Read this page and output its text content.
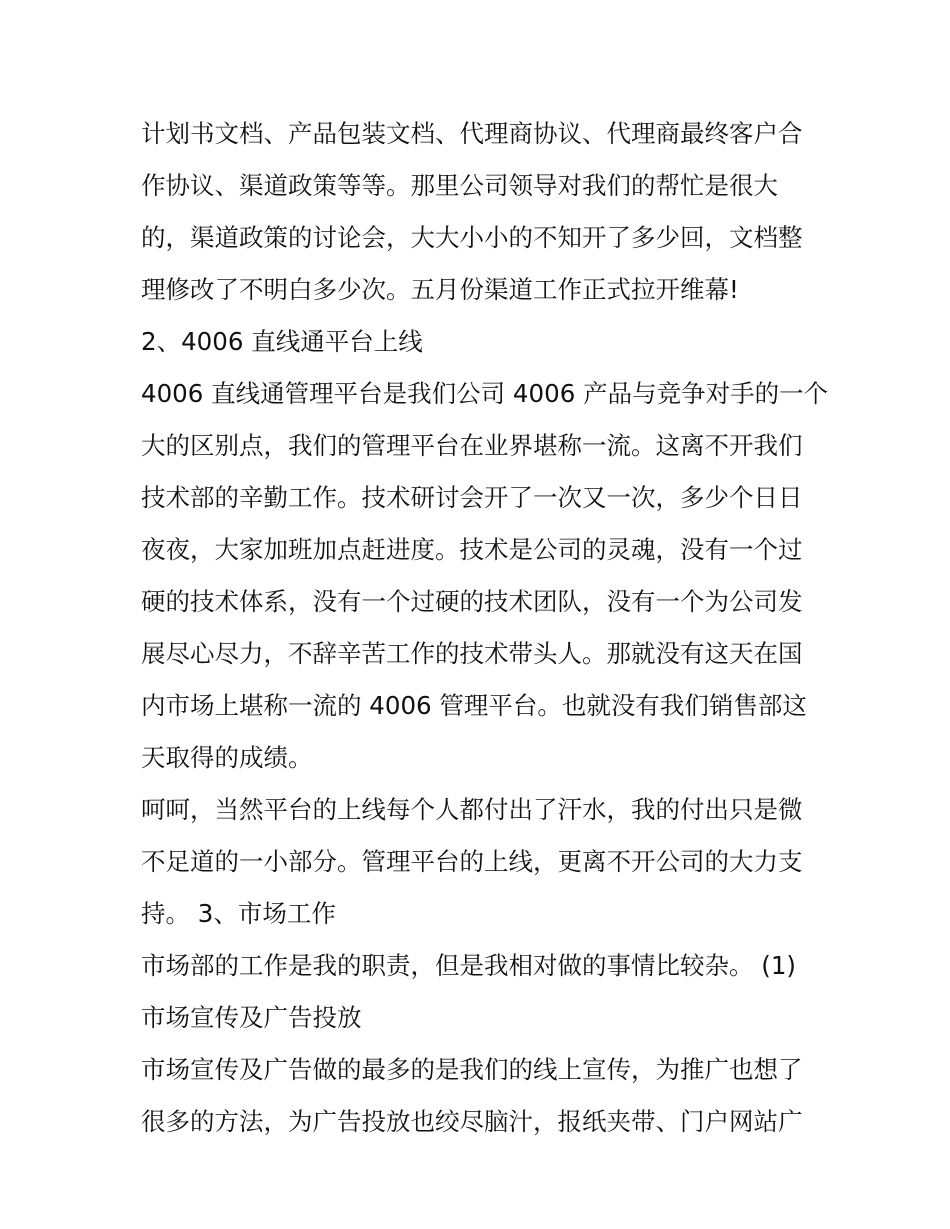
计划书文档、产品包装文档、代理商协议、代理商最终客户合
作协议、渠道政策等等。那里公司领导对我们的帮忙是很大
的，渠道政策的讨论会，大大小小的不知开了多少回，文档整
理修改了不明白多少次。五月份渠道工作正式拉开维幕!
2、4006 直线通平台上线
4006 直线通管理平台是我们公司 4006 产品与竞争对手的一个
大的区别点，我们的管理平台在业界堪称一流。这离不开我们
技术部的辛勤工作。技术研讨会开了一次又一次，多少个日日
夜夜，大家加班加点赶进度。技术是公司的灵魂，没有一个过
硬的技术体系，没有一个过硬的技术团队，没有一个为公司发
展尽心尽力，不辞辛苦工作的技术带头人。那就没有这天在国
内市场上堪称一流的 4006 管理平台。也就没有我们销售部这
天取得的成绩。
呵呵，当然平台的上线每个人都付出了汗水，我的付出只是微
不足道的一小部分。管理平台的上线，更离不开公司的大力支
持。 3、市场工作
市场部的工作是我的职责，但是我相对做的事情比较杂。 (1)
市场宣传及广告投放
市场宣传及广告做的最多的是我们的线上宣传，为推广也想了
很多的方法，为广告投放也绞尽脑汁，报纸夹带、门户网站广
